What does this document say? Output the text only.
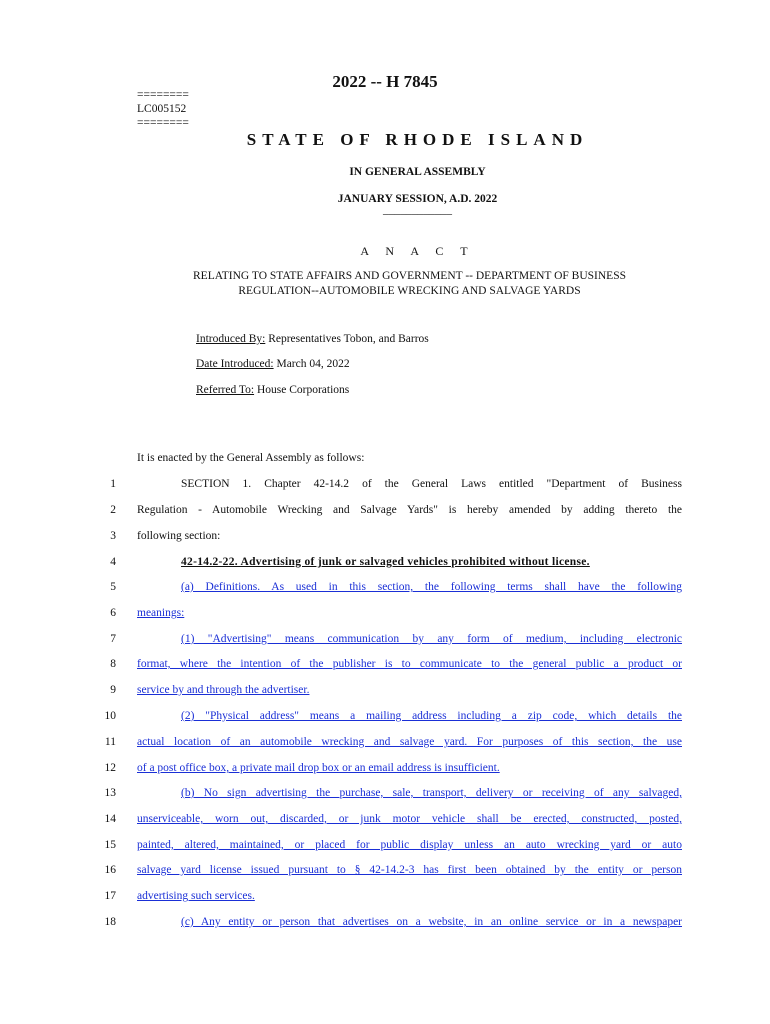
2022 -- H 7845
========
LC005152
========
STATE OF RHODE ISLAND
IN GENERAL ASSEMBLY
JANUARY SESSION, A.D. 2022
____________
A N A C T
RELATING TO STATE AFFAIRS AND GOVERNMENT -- DEPARTMENT OF BUSINESS
REGULATION--AUTOMOBILE WRECKING AND SALVAGE YARDS
Introduced By: Representatives Tobon, and Barros
Date Introduced: March 04, 2022
Referred To: House Corporations
It is enacted by the General Assembly as follows:
1	SECTION 1. Chapter 42-14.2 of the General Laws entitled "Department of Business
2 Regulation - Automobile Wrecking and Salvage Yards" is hereby amended by adding thereto the
3 following section:
4	42-14.2-22. Advertising of junk or salvaged vehicles prohibited without license.
5	(a) Definitions. As used in this section, the following terms shall have the following
6 meanings:
7	(1) "Advertising" means communication by any form of medium, including electronic
8 format, where the intention of the publisher is to communicate to the general public a product or
9 service by and through the advertiser.
10	(2) "Physical address" means a mailing address including a zip code, which details the
11 actual location of an automobile wrecking and salvage yard. For purposes of this section, the use
12 of a post office box, a private mail drop box or an email address is insufficient.
13	(b) No sign advertising the purchase, sale, transport, delivery or receiving of any salvaged,
14 unserviceable, worn out, discarded, or junk motor vehicle shall be erected, constructed, posted,
15 painted, altered, maintained, or placed for public display unless an auto wrecking yard or auto
16 salvage yard license issued pursuant to § 42-14.2-3 has first been obtained by the entity or person
17 advertising such services.
18	(c) Any entity or person that advertises on a website, in an online service or in a newspaper
